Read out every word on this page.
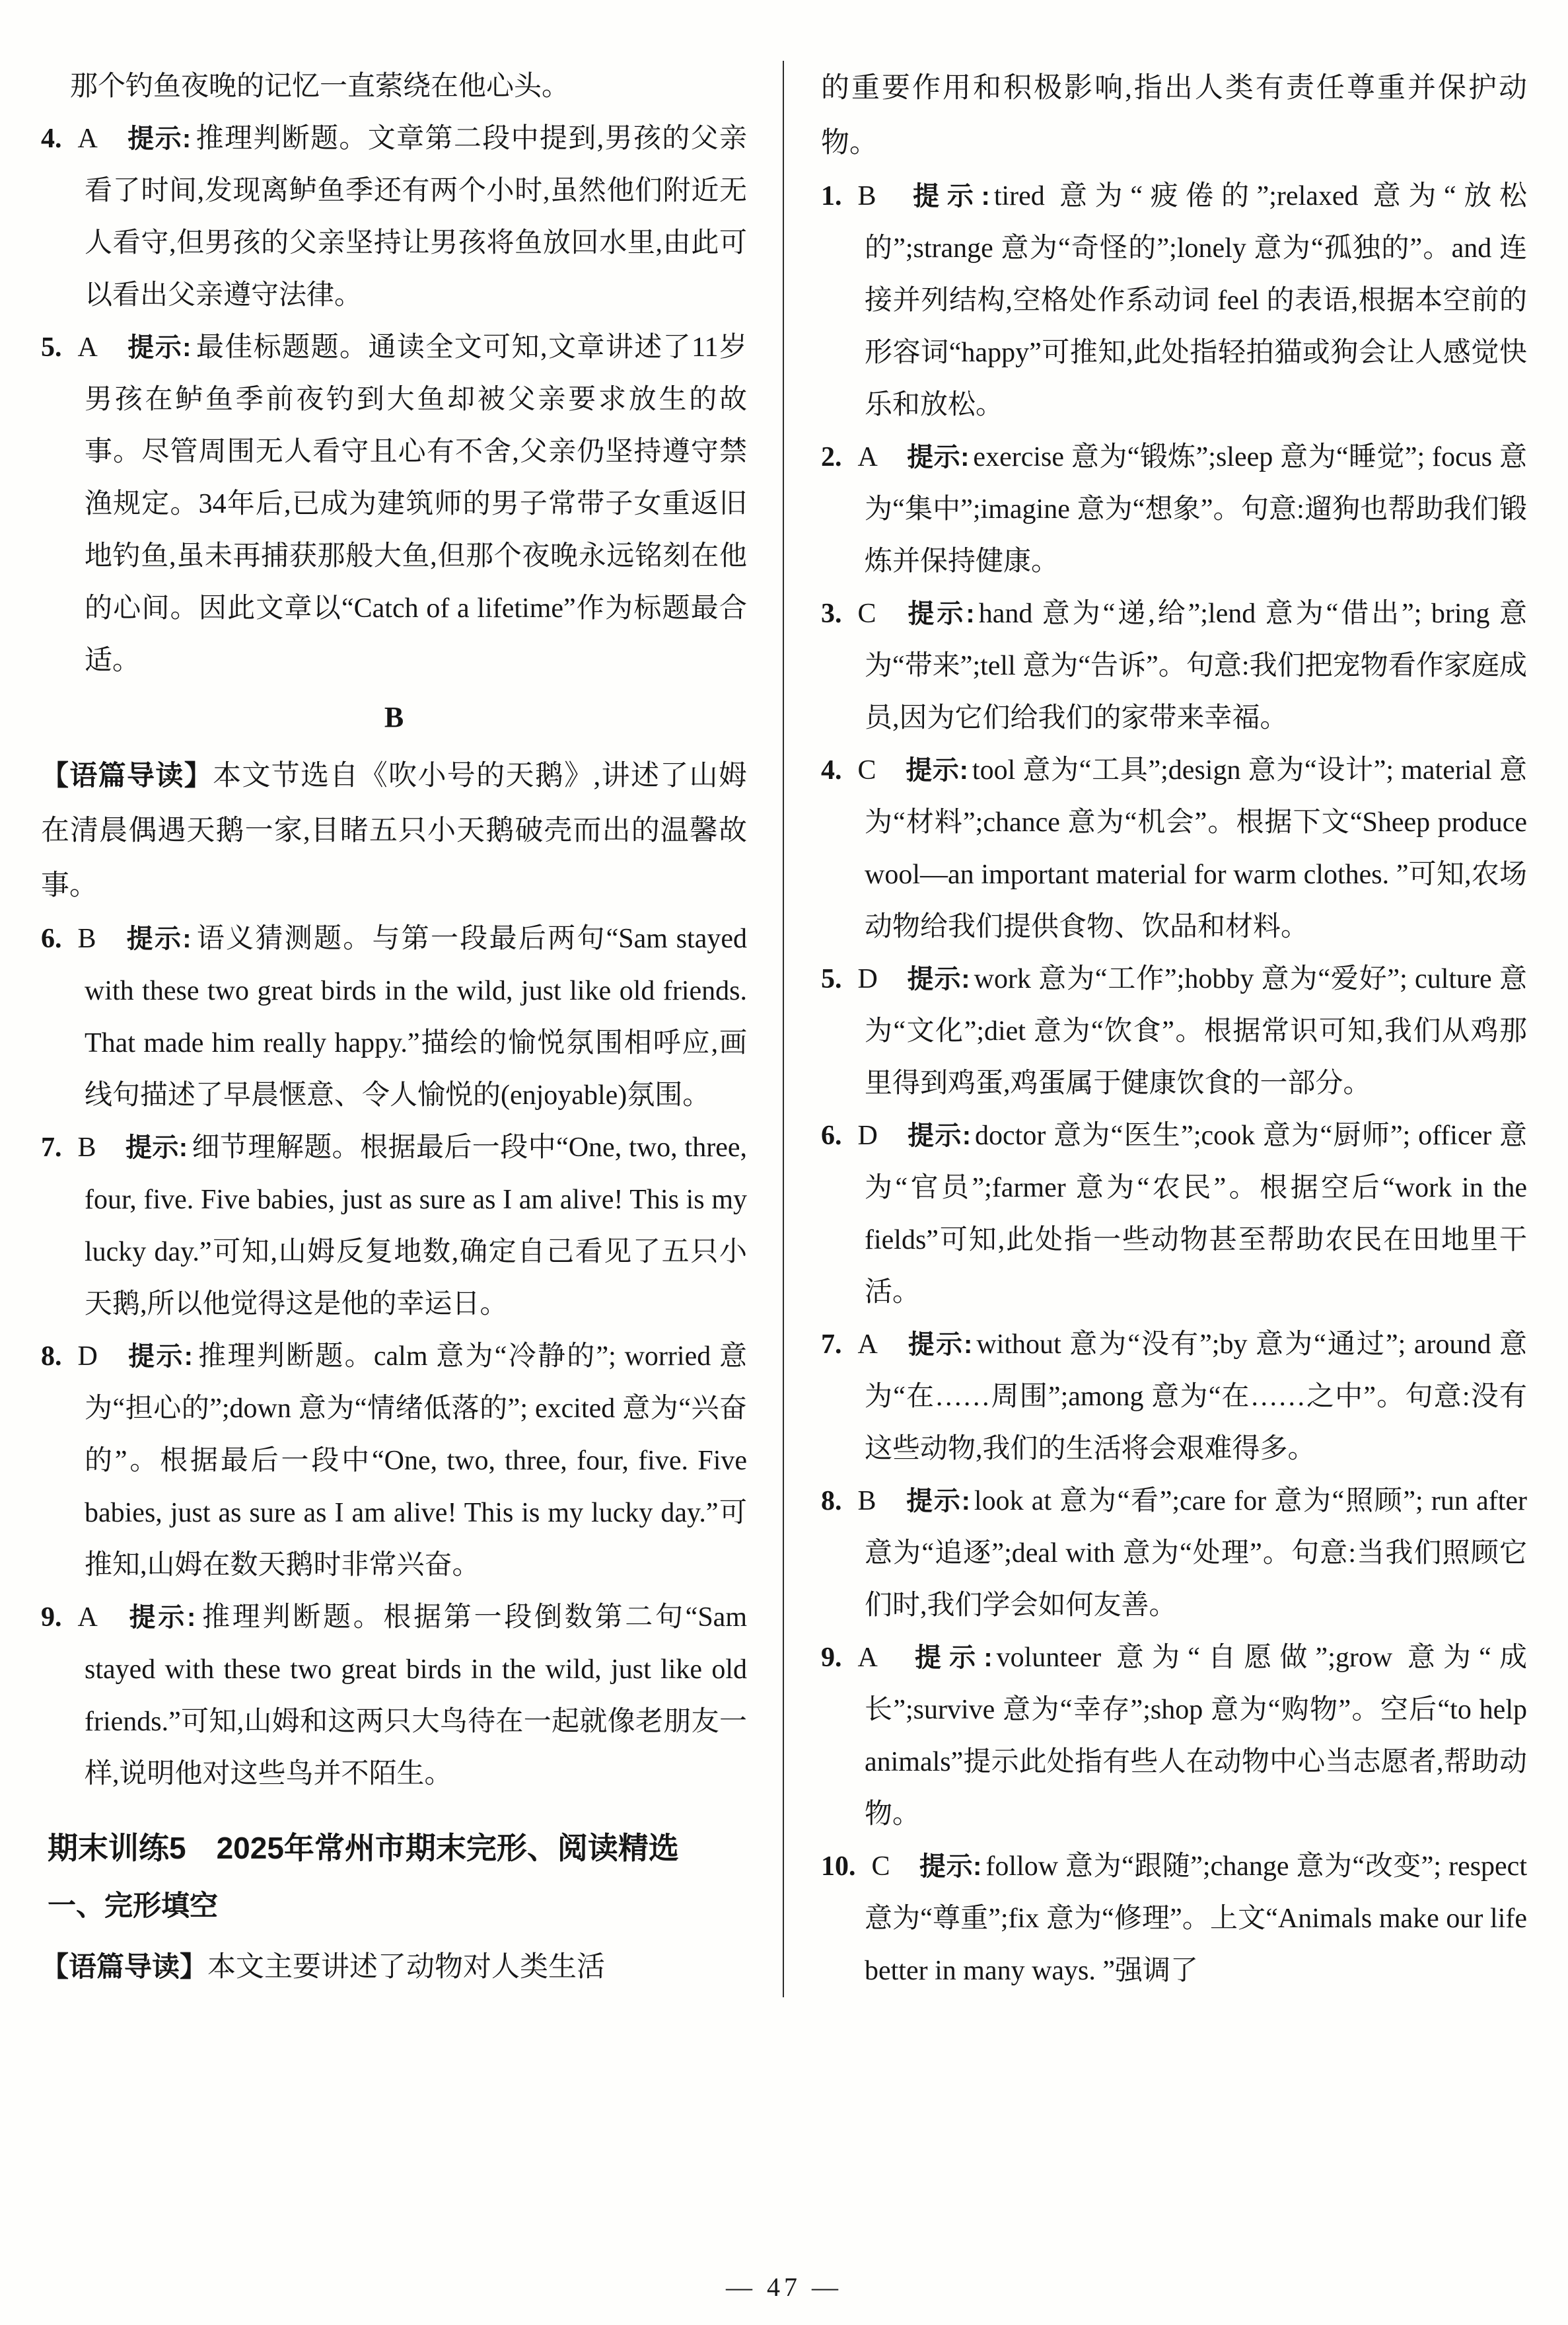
那个钓鱼夜晚的记忆一直萦绕在他心头。

4. A 提示: 推理判断题。文章第二段中提到,男孩的父亲看了时间,发现离鲈鱼季还有两个小时,虽然他们附近无人看守,但男孩的父亲坚持让男孩将鱼放回水里,由此可以看出父亲遵守法律。
5. A 提示: 最佳标题题。通读全文可知,文章讲述了11岁男孩在鲈鱼季前夜钓到大鱼却被父亲要求放生的故事。尽管周围无人看守且心有不舍,父亲仍坚持遵守禁渔规定。34年后,已成为建筑师的男子常带子女重返旧地钓鱼,虽未再捕获那般大鱼,但那个夜晚永远铭刻在他的心间。因此文章以“Catch of a lifetime”作为标题最合适。

B

【语篇导读】本文节选自《吹小号的天鹅》,讲述了山姆在清晨偶遇天鹅一家,目睹五只小天鹅破壳而出的温馨故事。

6. B 提示: 语义猜测题。与第一段最后两句“Sam stayed with these two great birds in the wild, just like old friends. That made him really happy.”描绘的愉悦氛围相呼应,画线句描述了早晨惬意、令人愉悦的(enjoyable)氛围。
7. B 提示: 细节理解题。根据最后一段中“One, two, three, four, five. Five babies, just as sure as I am alive! This is my lucky day.”可知,山姆反复地数,确定自己看见了五只小天鹅,所以他觉得这是他的幸运日。
8. D 提示: 推理判断题。calm 意为“冷静的”; worried 意为“担心的”;down 意为“情绪低落的”; excited 意为“兴奋的”。根据最后一段中“One, two, three, four, five. Five babies, just as sure as I am alive! This is my lucky day.”可推知,山姆在数天鹅时非常兴奋。
9. A 提示: 推理判断题。根据第一段倒数第二句“Sam stayed with these two great birds in the wild, just like old friends.”可知,山姆和这两只大鸟待在一起就像老朋友一样,说明他对这些鸟并不陌生。
期末训练5　2025年常州市期末完形、阅读精选
一、完形填空

【语篇导读】本文主要讲述了动物对人类生活

的重要作用和积极影响,指出人类有责任尊重并保护动物。

1. B 提示: tired 意为“疲倦的”;relaxed 意为“放松的”;strange 意为“奇怪的”;lonely 意为“孤独的”。and 连接并列结构,空格处作系动词 feel 的表语,根据本空前的形容词“happy”可推知,此处指轻拍猫或狗会让人感觉快乐和放松。
2. A 提示: exercise 意为“锻炼”;sleep 意为“睡觉”; focus 意为“集中”;imagine 意为“想象”。句意:遛狗也帮助我们锻炼并保持健康。
3. C 提示: hand 意为“递,给”;lend 意为“借出”; bring 意为“带来”;tell 意为“告诉”。句意:我们把宠物看作家庭成员,因为它们给我们的家带来幸福。
4. C 提示: tool 意为“工具”;design 意为“设计”; material 意为“材料”;chance 意为“机会”。根据下文“Sheep produce wool—an important material for warm clothes. ”可知,农场动物给我们提供食物、饮品和材料。
5. D 提示: work 意为“工作”;hobby 意为“爱好”; culture 意为“文化”;diet 意为“饮食”。根据常识可知,我们从鸡那里得到鸡蛋,鸡蛋属于健康饮食的一部分。
6. D 提示: doctor 意为“医生”;cook 意为“厨师”; officer 意为“官员”;farmer 意为“农民”。根据空后“work in the fields”可知,此处指一些动物甚至帮助农民在田地里干活。
7. A 提示: without 意为“没有”;by 意为“通过”; around 意为“在……周围”;among 意为“在……之中”。句意:没有这些动物,我们的生活将会艰难得多。
8. B 提示: look at 意为“看”;care for 意为“照顾”; run after 意为“追逐”;deal with 意为“处理”。句意:当我们照顾它们时,我们学会如何友善。
9. A 提示: volunteer 意为“自愿做”;grow 意为“成长”;survive 意为“幸存”;shop 意为“购物”。空后“to help animals”提示此处指有些人在动物中心当志愿者,帮助动物。
10. C 提示: follow 意为“跟随”;change 意为“改变”; respect 意为“尊重”;fix 意为“修理”。上文“Animals make our life better in many ways. ”强调了
— 47 —
